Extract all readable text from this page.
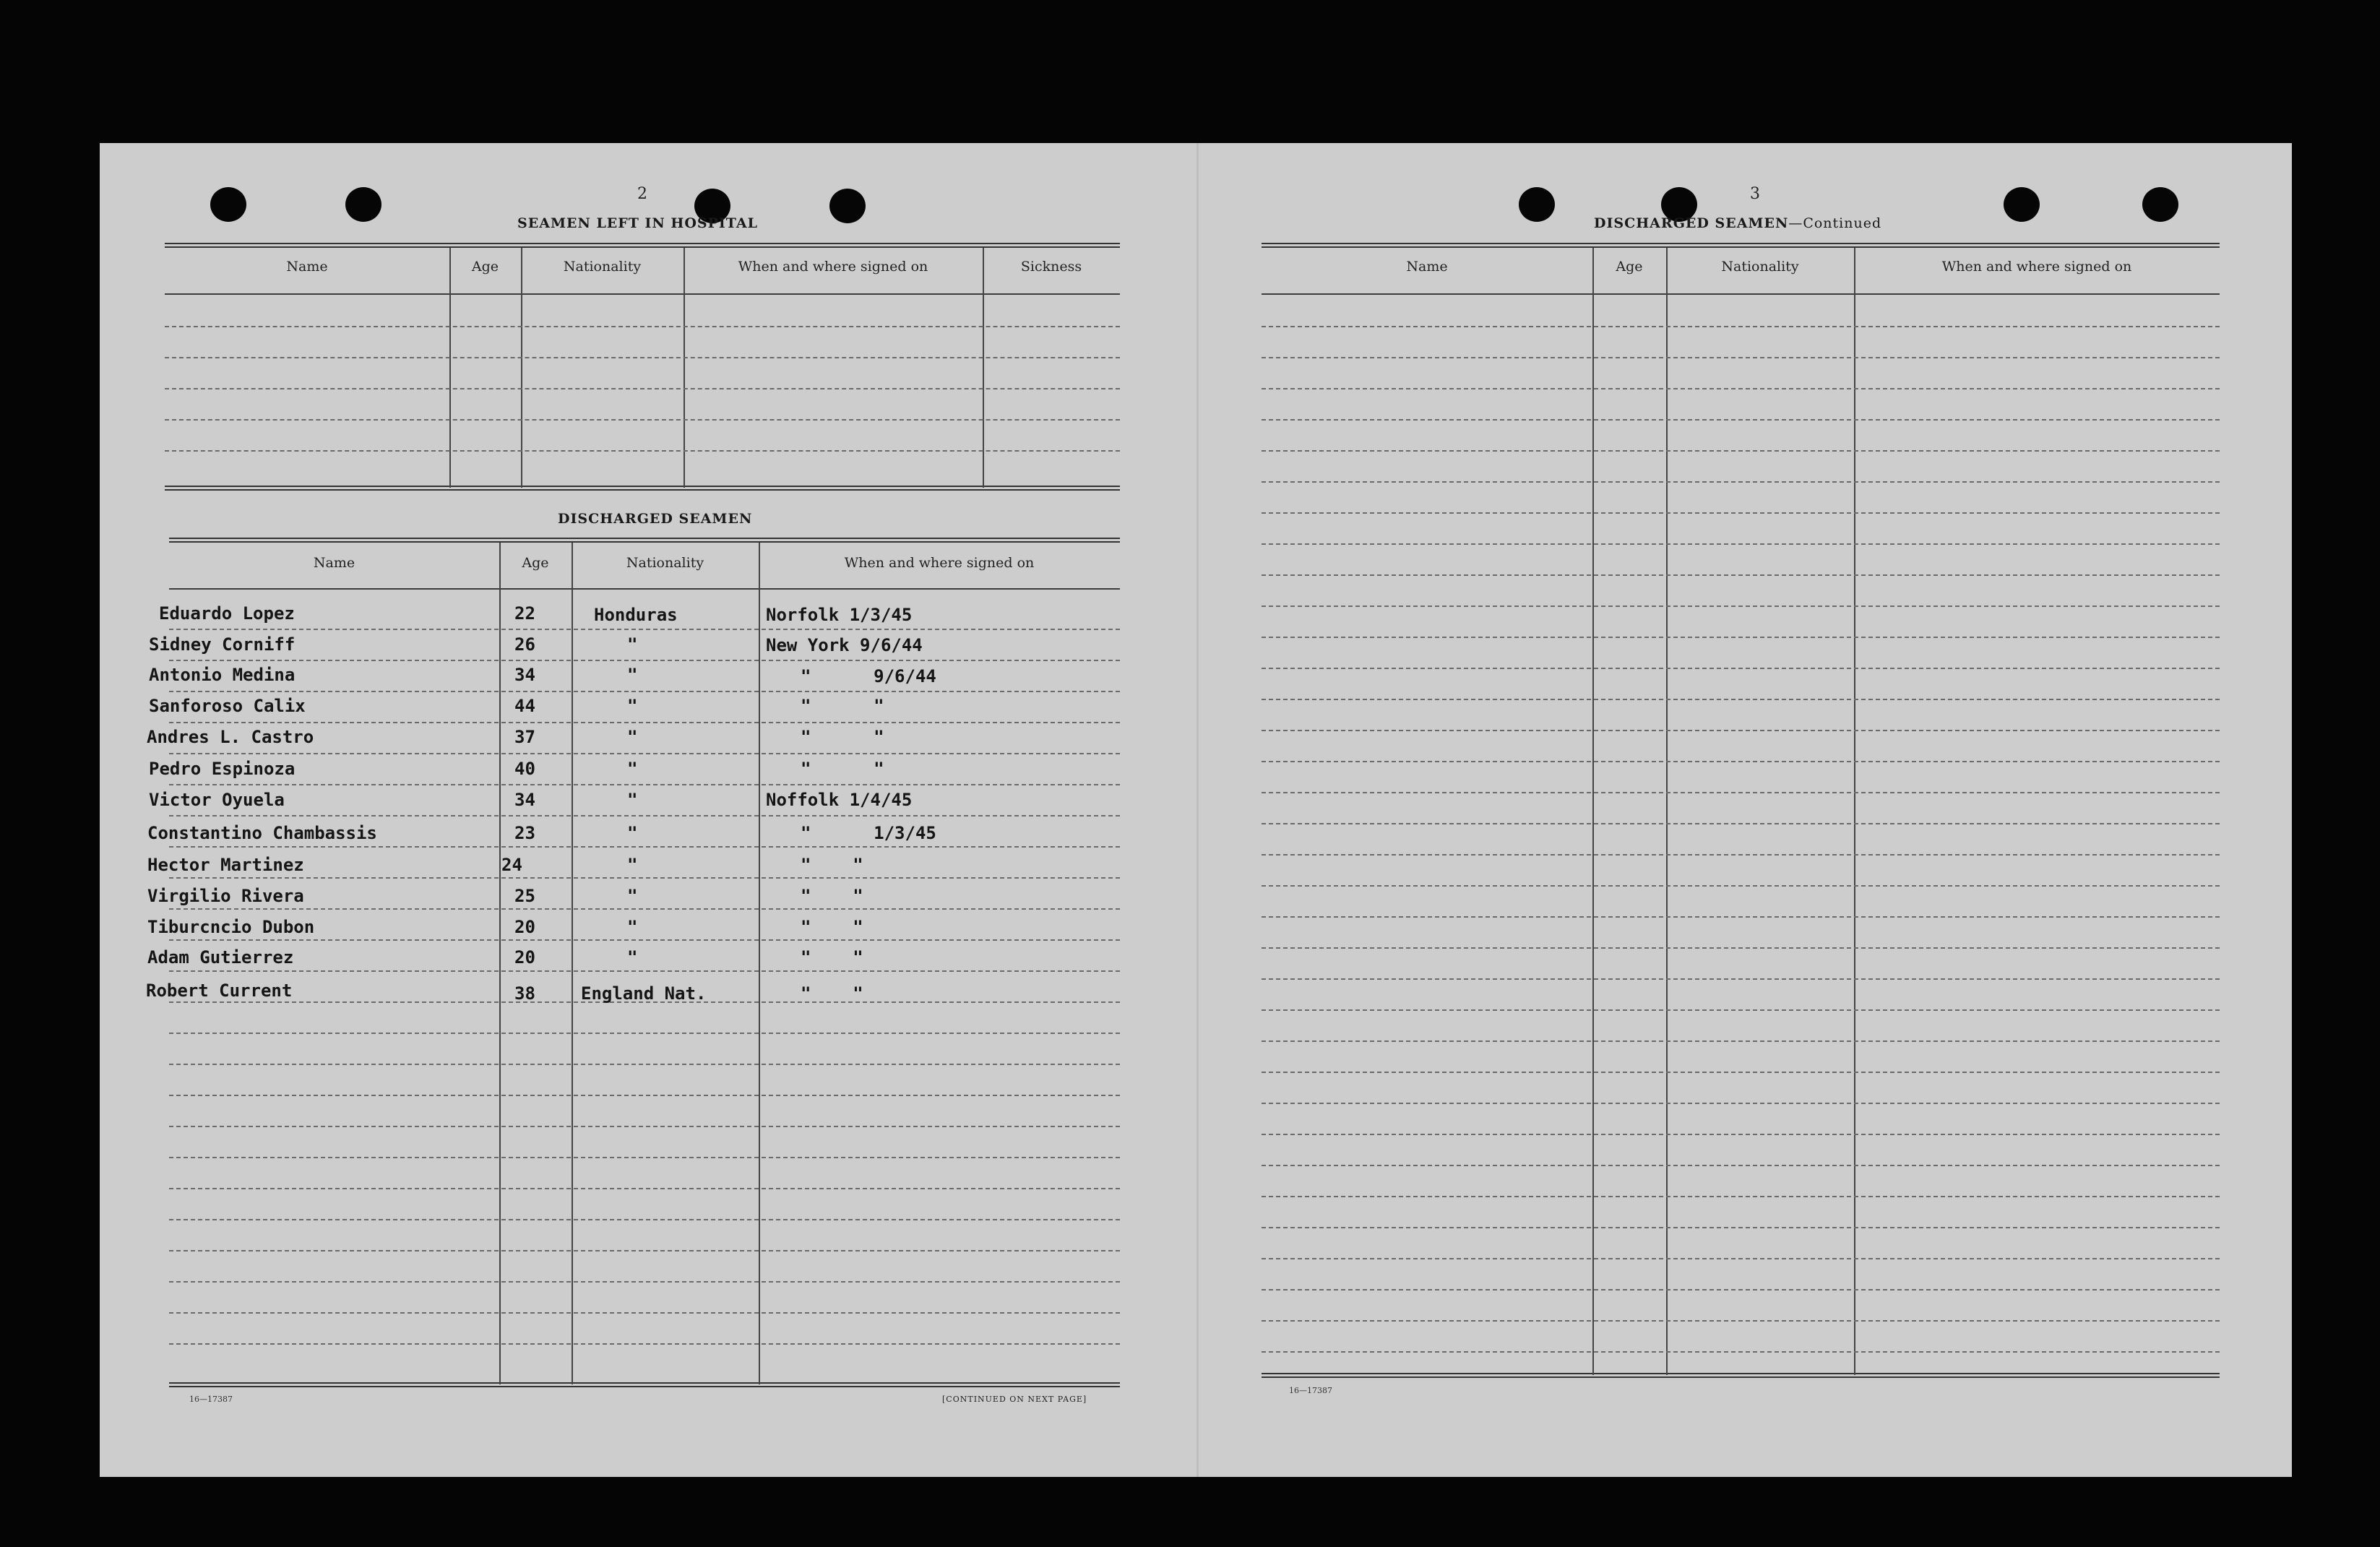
2
SEAMEN LEFT IN HOSPITAL
Name	Age	Nationality	When and where signed on	Sickness
DISCHARGED SEAMEN
Name	Age	Nationality	When and where signed on
Eduardo Lopez	22	Honduras	Norfolk 1/3/45
Sidney Corniff	26	"	New York 9/6/44
Antonio Medina	34	"	"      9/6/44
Sanforoso Calix	44	"	"      "
Andres L. Castro	37	"	"      "
Pedro Espinoza	40	"	"      "
Victor Oyuela	34	"	Noffolk 1/4/45
Constantino Chambassis	23	"	"      1/3/45
Hector Martinez	24	"	"    "
Virgilio Rivera	25	"	"    "
Tiburcncio Dubon	20	"	"    "
Adam Gutierrez	20	"	"    "
Robert Current	38	England Nat.	"    "
16—17387	[CONTINUED ON NEXT PAGE]
3
DISCHARGED SEAMEN—Continued
Name	Age	Nationality	When and where signed on
16—17387
